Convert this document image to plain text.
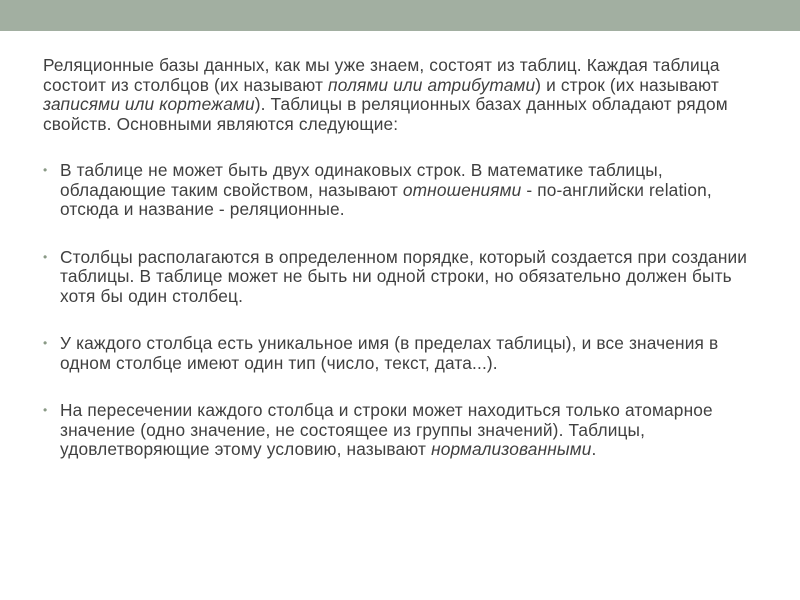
Реляционные базы данных, как мы уже знаем, состоят из таблиц. Каждая таблица состоит из столбцов (их называют полями или атрибутами) и строк (их называют записями или кортежами). Таблицы в реляционных базах данных обладают рядом свойств. Основными являются следующие:

• В таблице не может быть двух одинаковых строк. В математике таблицы, обладающие таким свойством, называют отношениями - по-английски relation, отсюда и название - реляционные.
• Столбцы располагаются в определенном порядке, который создается при создании таблицы. В таблице может не быть ни одной строки, но обязательно должен быть хотя бы один столбец.
• У каждого столбца есть уникальное имя (в пределах таблицы), и все значения в одном столбце имеют один тип (число, текст, дата...).
• На пересечении каждого столбца и строки может находиться только атомарное значение (одно значение, не состоящее из группы значений). Таблицы, удовлетворяющие этому условию, называют нормализованными.
